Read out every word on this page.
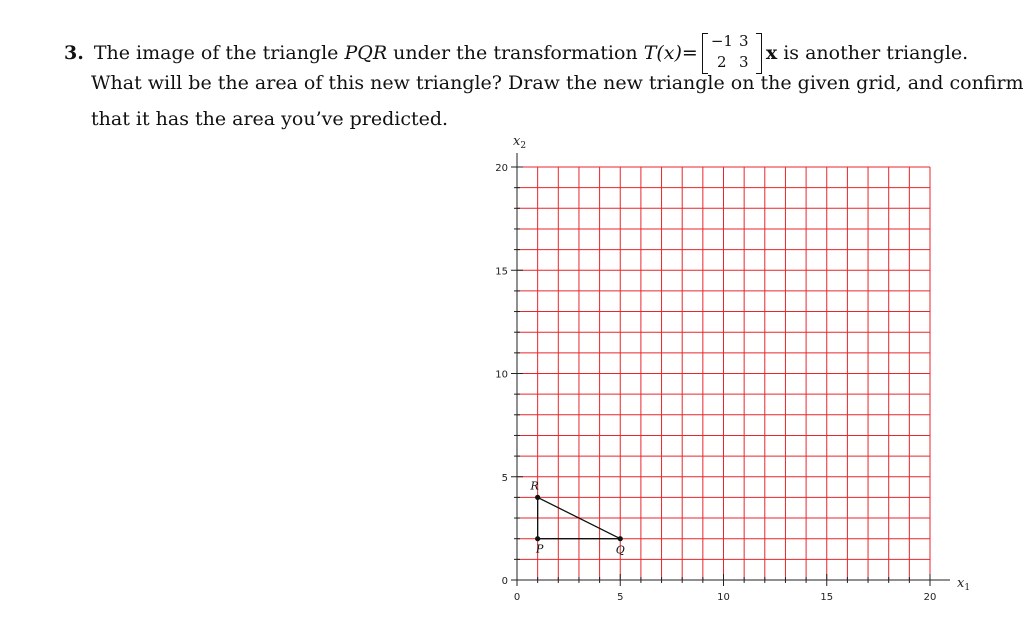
3. The image of the triangle PQR under the transformation T(x)=
−1 3
2 3 x is another triangle.
What will be the area of this new triangle? Draw the new triangle on the given grid, and confirm
that it has the area you’ve predicted.
0	5	10	15	20
0
5
10
15
20
$x_1$
$x_2$
P	Q
R
